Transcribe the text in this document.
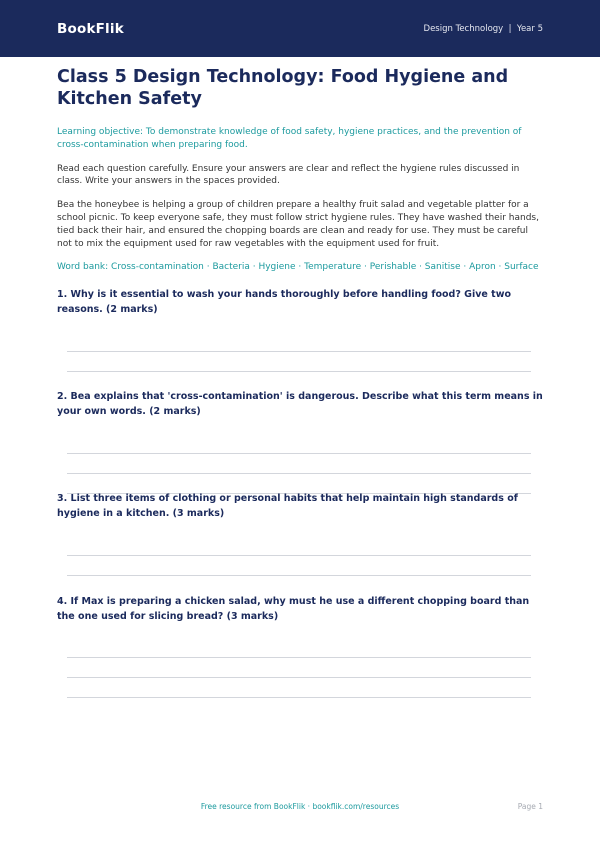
BookFlik	Design Technology | Year 5
Class 5 Design Technology: Food Hygiene and Kitchen Safety

Learning objective: To demonstrate knowledge of food safety, hygiene practices, and the prevention of cross-contamination when preparing food.

Read each question carefully. Ensure your answers are clear and reflect the hygiene rules discussed in class. Write your answers in the spaces provided.

Bea the honeybee is helping a group of children prepare a healthy fruit salad and vegetable platter for a school picnic. To keep everyone safe, they must follow strict hygiene rules. They have washed their hands, tied back their hair, and ensured the chopping boards are clean and ready for use. They must be careful not to mix the equipment used for raw vegetables with the equipment used for fruit.

Word bank: Cross-contamination · Bacteria · Hygiene · Temperature · Perishable · Sanitise · Apron · Surface

1. Why is it essential to wash your hands thoroughly before handling food? Give two reasons. (2 marks)

2. Bea explains that 'cross-contamination' is dangerous. Describe what this term means in your own words. (2 marks)

3. List three items of clothing or personal habits that help maintain high standards of hygiene in a kitchen. (3 marks)

4. If Max is preparing a chicken salad, why must he use a different chopping board than the one used for slicing bread? (3 marks)

Free resource from BookFlik · bookflik.com/resources	Page 1
